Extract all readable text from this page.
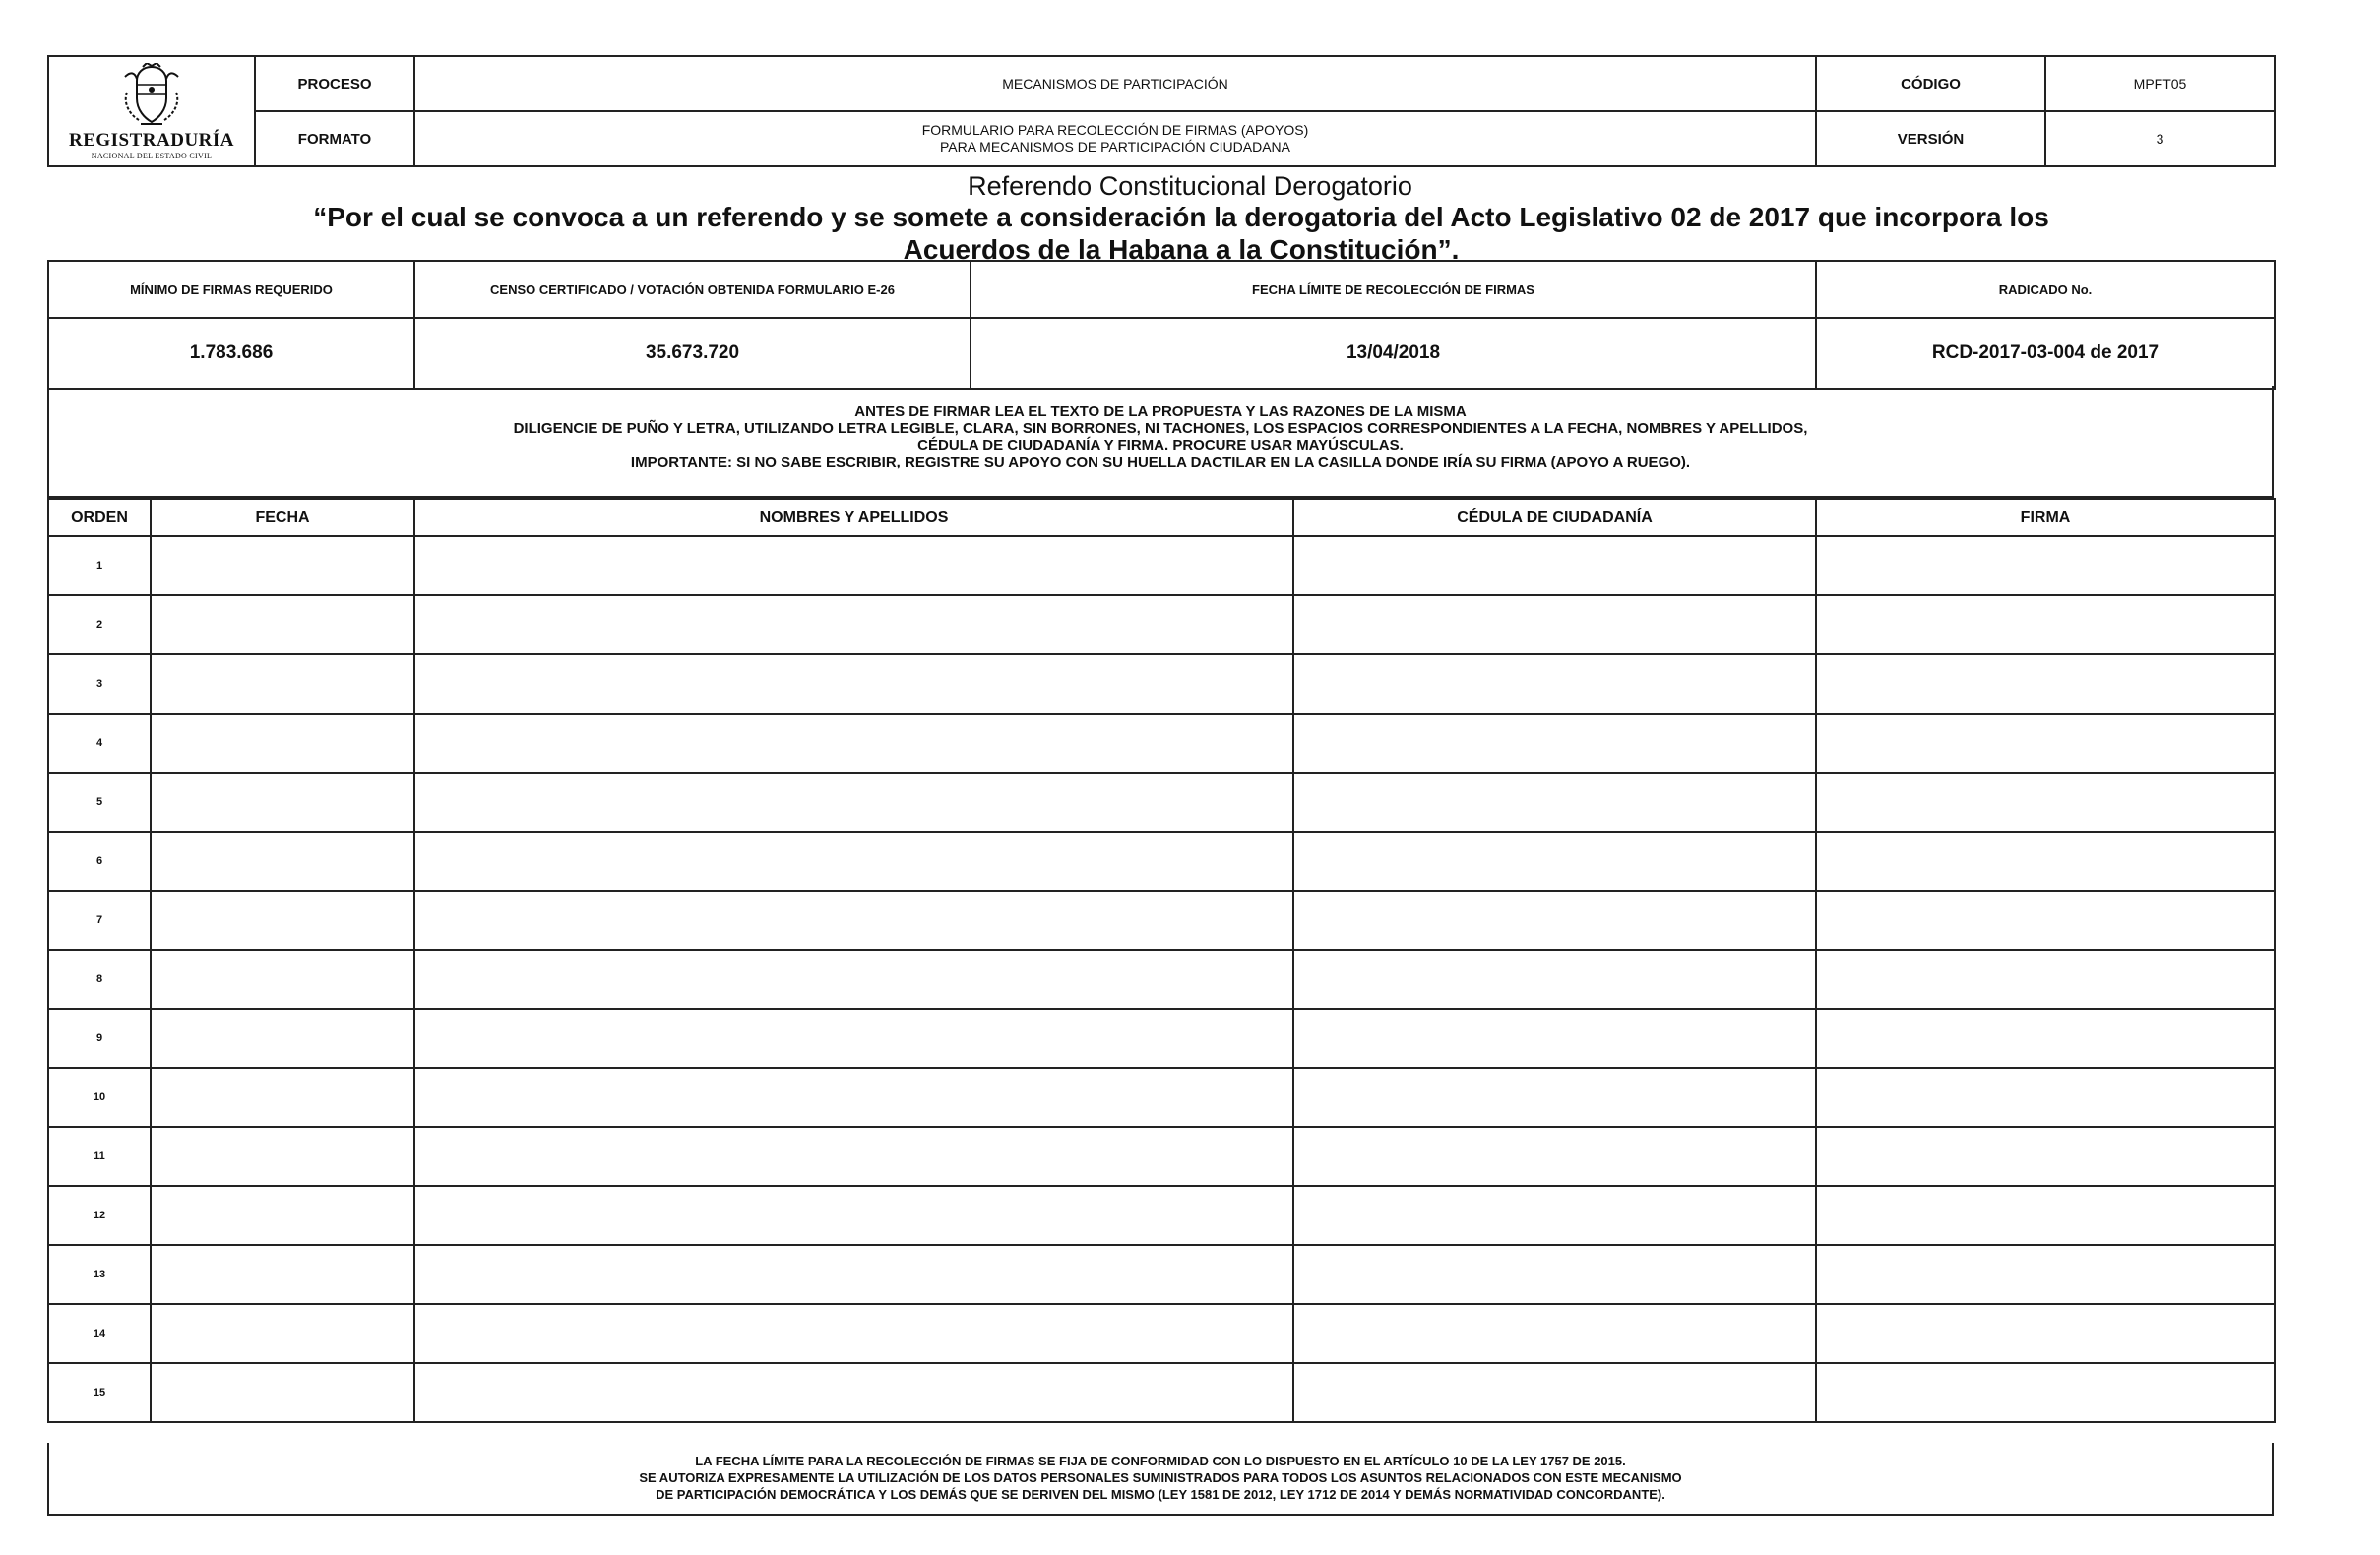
REGISTRADURÍA
NACIONAL DEL ESTADO CIVIL	PROCESO	MECANISMOS DE PARTICIPACIÓN	CÓDIGO	MPFT05
	FORMATO	FORMULARIO PARA RECOLECCIÓN DE FIRMAS (APOYOS)
PARA MECANISMOS DE PARTICIPACIÓN CIUDADANA	VERSIÓN	3
Referendo Constitucional Derogatorio
“Por el cual se convoca a un referendo y se somete a consideración la derogatoria del Acto Legislativo 02 de 2017 que incorpora los
Acuerdos de la Habana a la Constitución”.
MÍNIMO DE FIRMAS REQUERIDO	CENSO CERTIFICADO / VOTACIÓN OBTENIDA FORMULARIO E-26	FECHA LÍMITE DE RECOLECCIÓN DE FIRMAS	RADICADO No.
1.783.686	35.673.720	13/04/2018	RCD-2017-03-004 de 2017
ANTES DE FIRMAR LEA EL TEXTO DE LA PROPUESTA Y LAS RAZONES DE LA MISMA
DILIGENCIE DE PUÑO Y LETRA, UTILIZANDO LETRA LEGIBLE, CLARA, SIN BORRONES, NI TACHONES, LOS ESPACIOS CORRESPONDIENTES A LA FECHA, NOMBRES Y APELLIDOS,
CÉDULA DE CIUDADANÍA Y FIRMA. PROCURE USAR MAYÚSCULAS.
IMPORTANTE: SI NO SABE ESCRIBIR, REGISTRE SU APOYO CON SU HUELLA DACTILAR EN LA CASILLA DONDE IRÍA SU FIRMA (APOYO A RUEGO).
ORDEN	FECHA	NOMBRES Y APELLIDOS	CÉDULA DE CIUDADANÍA	FIRMA
1				
2				
3				
4				
5				
6				
7				
8				
9				
10				
11				
12				
13				
14				
15				
LA FECHA LÍMITE PARA LA RECOLECCIÓN DE FIRMAS SE FIJA DE CONFORMIDAD CON LO DISPUESTO EN EL ARTÍCULO 10 DE LA LEY 1757 DE 2015.
SE AUTORIZA EXPRESAMENTE LA UTILIZACIÓN DE LOS DATOS PERSONALES SUMINISTRADOS PARA TODOS LOS ASUNTOS RELACIONADOS CON ESTE MECANISMO
DE PARTICIPACIÓN DEMOCRÁTICA Y LOS DEMÁS QUE SE DERIVEN DEL MISMO (LEY 1581 DE 2012, LEY 1712 DE 2014 Y DEMÁS NORMATIVIDAD CONCORDANTE).
